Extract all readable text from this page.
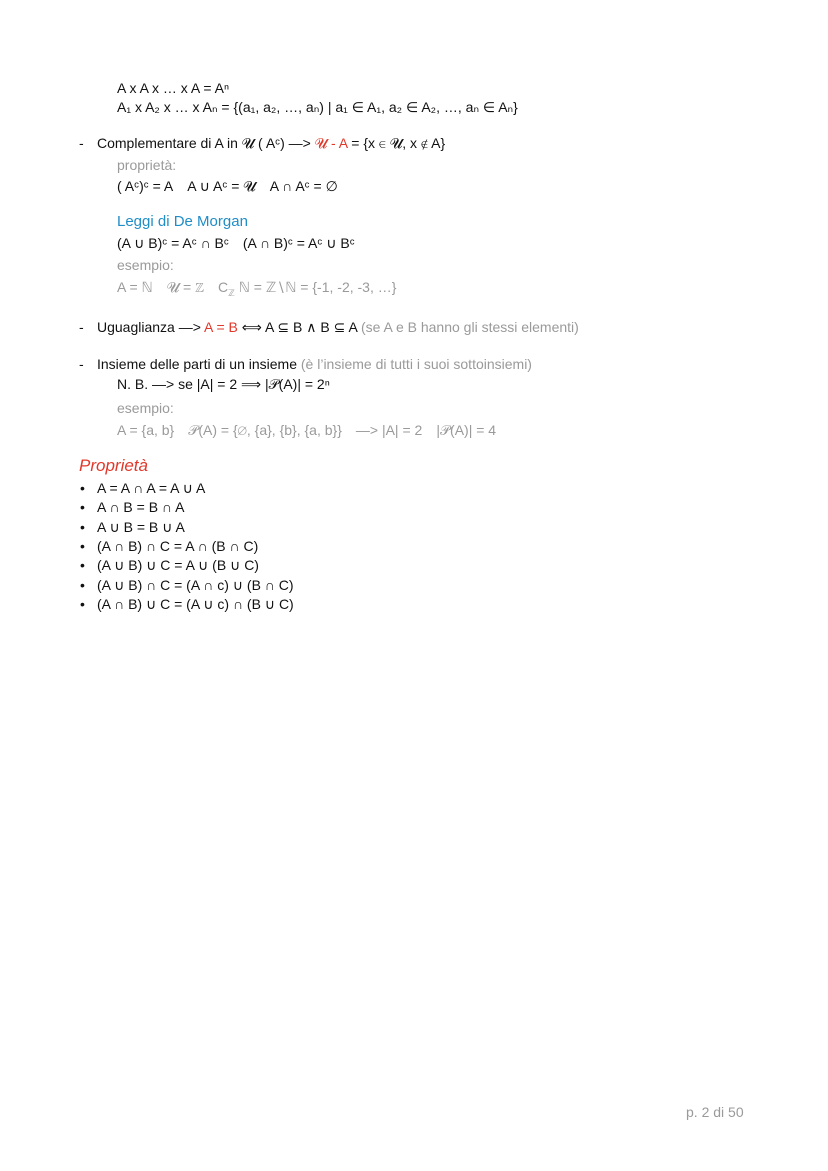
A x A x … x A = Aⁿ
A₁ x A₂ x … x Aₙ = {(a₁, a₂, …, aₙ) | a₁ ∈ A₁, a₂ ∈ A₂, …, aₙ ∈ Aₙ}
- Complementare di A in 𝓤 ( Aᶜ) —> 𝓤 - A = {x ∈ 𝓤, x ∉ A}
proprietà:
( Aᶜ)ᶜ = A A ∪ Aᶜ = 𝓤 A ∩ Aᶜ = ∅
Leggi di De Morgan
(A ∪ B)ᶜ = Aᶜ ∩ Bᶜ (A ∩ B)ᶜ = Aᶜ ∪ Bᶜ
esempio:
A = ℕ 𝓤 = ℤ $C_ℤ$ ℕ = ℤ∖ℕ = {-1, -2, -3, …}
- Uguaglianza —> A = B ⟺ A ⊆ B ∧ B ⊆ A (se A e B hanno gli stessi elementi)
- Insieme delle parti di un insieme (è l’insieme di tutti i suoi sottoinsiemi)
N. B. —> se |A| = 2 ⟹ |𝒫(A)| = 2ⁿ
esempio:
A = {a, b} 𝒫(A) = {∅, {a}, {b}, {a, b}} —> |A| = 2 |𝒫(A)| = 4
Proprietà
• A = A ∩ A = A ∪ A
• A ∩ B = B ∩ A
• A ∪ B = B ∪ A
• (A ∩ B) ∩ C = A ∩ (B ∩ C)
• (A ∪ B) ∪ C = A ∪ (B ∪ C)
• (A ∪ B) ∩ C = (A ∩ c) ∪ (B ∩ C)
• (A ∩ B) ∪ C = (A ∪ c) ∩ (B ∪ C)
p. 2 di 50
